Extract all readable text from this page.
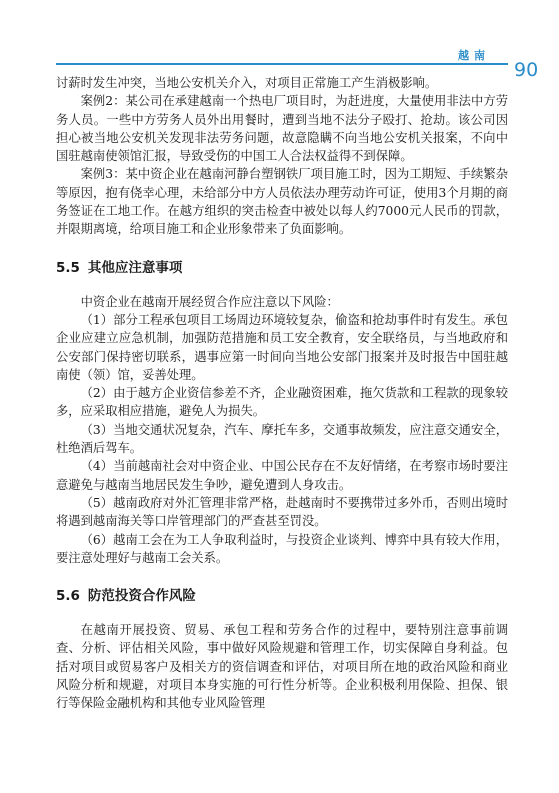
越南
90

讨薪时发生冲突，当地公安机关介入，对项目正常施工产生消极影响。

案例2：某公司在承建越南一个热电厂项目时，为赶进度，大量使用非法中方劳务人员。一些中方劳务人员外出用餐时，遭到当地不法分子殴打、抢劫。该公司因担心被当地公安机关发现非法劳务问题，故意隐瞒不向当地公安机关报案，不向中国驻越南使领馆汇报，导致受伤的中国工人合法权益得不到保障。

案例3：某中资企业在越南河静台塑钢铁厂项目施工时，因为工期短、手续繁杂等原因，抱有侥幸心理，未给部分中方人员依法办理劳动许可证，使用3个月期的商务签证在工地工作。在越方组织的突击检查中被处以每人约7000元人民币的罚款，并限期离境，给项目施工和企业形象带来了负面影响。

5.5 其他应注意事项

中资企业在越南开展经贸合作应注意以下风险：

（1）部分工程承包项目工场周边环境较复杂，偷盗和抢劫事件时有发生。承包企业应建立应急机制，加强防范措施和员工安全教育，安全联络员，与当地政府和公安部门保持密切联系，遇事应第一时间向当地公安部门报案并及时报告中国驻越南使（领）馆，妥善处理。

（2）由于越方企业资信参差不齐，企业融资困难，拖欠货款和工程款的现象较多，应采取相应措施，避免人为损失。

（3）当地交通状况复杂，汽车、摩托车多，交通事故频发，应注意交通安全，杜绝酒后驾车。

（4）当前越南社会对中资企业、中国公民存在不友好情绪，在考察市场时要注意避免与越南当地居民发生争吵，避免遭到人身攻击。

（5）越南政府对外汇管理非常严格，赴越南时不要携带过多外币，否则出境时将遇到越南海关等口岸管理部门的严查甚至罚没。

（6）越南工会在为工人争取利益时，与投资企业谈判、博弈中具有较大作用，要注意处理好与越南工会关系。

5.6 防范投资合作风险

在越南开展投资、贸易、承包工程和劳务合作的过程中，要特别注意事前调查、分析、评估相关风险，事中做好风险规避和管理工作，切实保障自身利益。包括对项目或贸易客户及相关方的资信调查和评估，对项目所在地的政治风险和商业风险分析和规避，对项目本身实施的可行性分析等。企业积极利用保险、担保、银行等保险金融机构和其他专业风险管理
